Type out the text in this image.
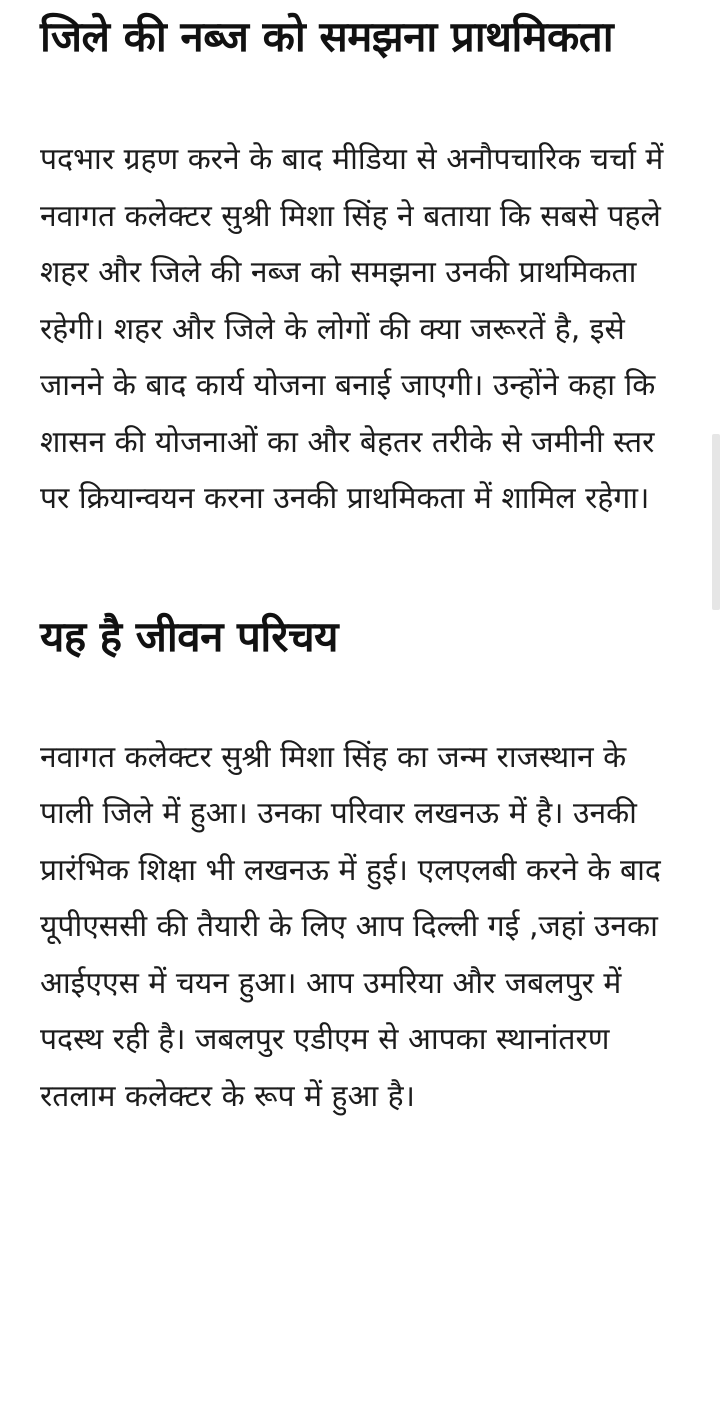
जिले की नब्ज को समझना प्राथमिकता

पदभार ग्रहण करने के बाद मीडिया से अनौपचारिक चर्चा में नवागत कलेक्टर सुश्री मिशा सिंह ने बताया कि सबसे पहले शहर और जिले की नब्ज को समझना उनकी प्राथमिकता रहेगी। शहर और जिले के लोगों की क्या जरूरतें है, इसे जानने के बाद कार्य योजना बनाई जाएगी। उन्होंने कहा कि शासन की योजनाओं का और बेहतर तरीके से जमीनी स्तर पर क्रियान्वयन करना उनकी प्राथमिकता में शामिल रहेगा।

यह है जीवन परिचय

नवागत कलेक्टर सुश्री मिशा सिंह का जन्म राजस्थान के पाली जिले में हुआ। उनका परिवार लखनऊ में है। उनकी प्रारंभिक शिक्षा भी लखनऊ में हुई। एलएलबी करने के बाद यूपीएससी की तैयारी के लिए आप दिल्ली गई ,जहां उनका आईएएस में चयन हुआ। आप उमरिया और जबलपुर में पदस्थ रही है। जबलपुर एडीएम से आपका स्थानांतरण रतलाम कलेक्टर के रूप में हुआ है।
